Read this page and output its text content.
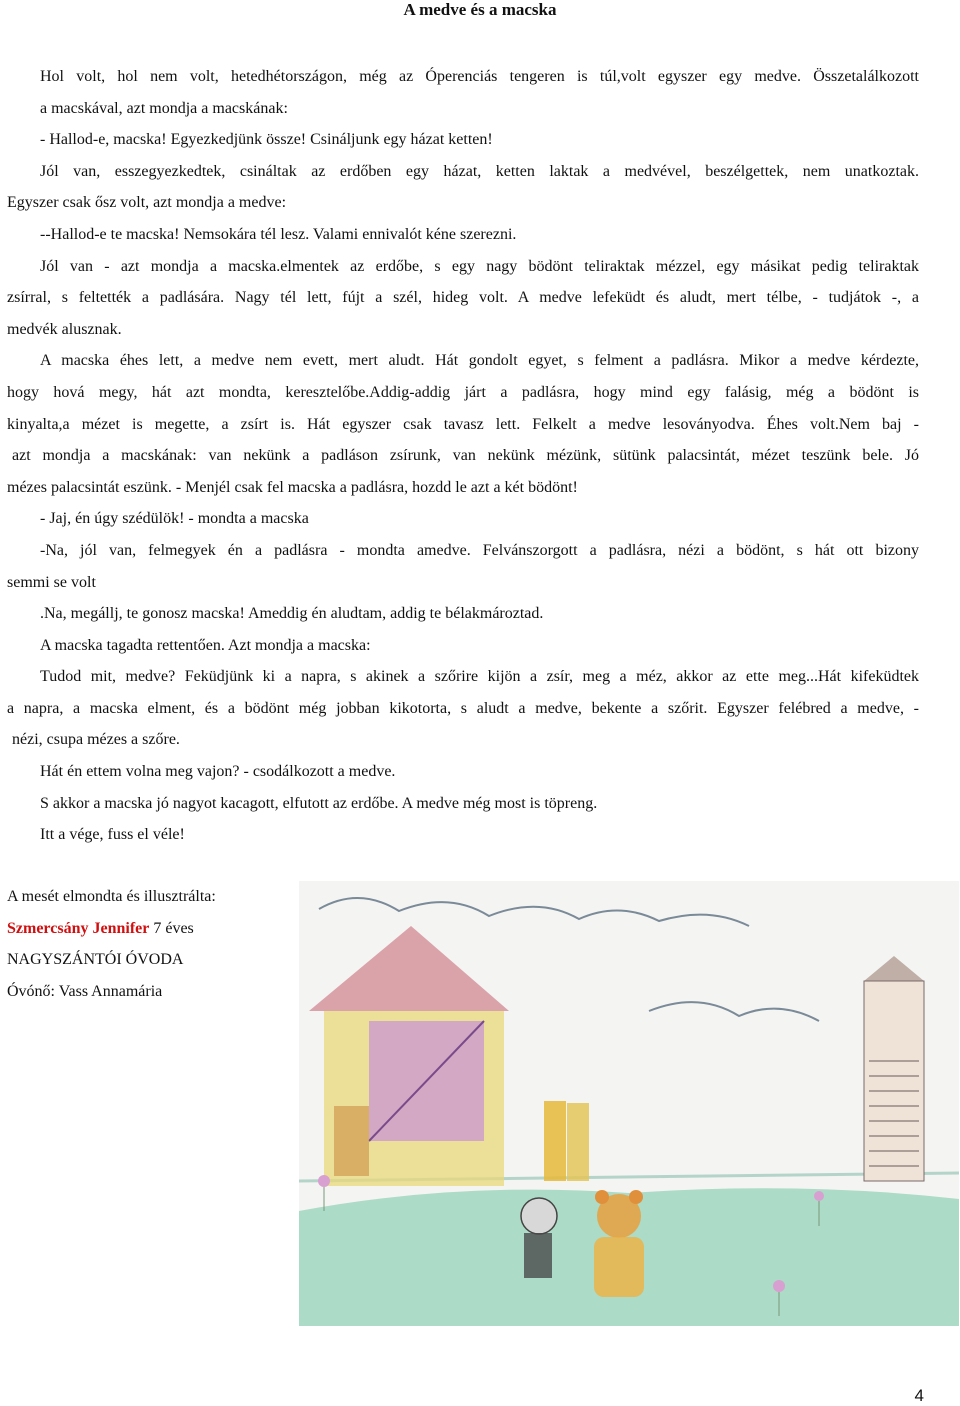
A medve és a macska
Hol volt, hol nem volt, hetedhétországon, még az Óperenciás tengeren is túl,volt egyszer egy medve. Összetalálkozott
a macskával, azt mondja a macskának:
- Hallod-e, macska! Egyezkedjünk össze! Csináljunk egy házat ketten!
Jól van, esszegyezkedtek, csináltak az erdőben egy házat, ketten laktak a medvével, beszélgettek, nem unatkoztak.
Egyszer csak ősz volt, azt mondja a medve:
--Hallod-e te macska! Nemsokára tél lesz. Valami ennivalót kéne szerezni.
Jól van - azt mondja a macska.elmentek az erdőbe, s egy nagy bödönt teliraktak mézzel, egy másikat pedig teliraktak
zsírral, s feltették a padlására. Nagy tél lett, fújt a szél, hideg volt. A medve lefeküdt és aludt, mert télbe, - tudjátok -, a
medvék alusznak.
A macska éhes lett, a medve nem evett, mert aludt. Hát gondolt egyet, s felment a padlásra. Mikor a medve kérdezte,
hogy hová megy, hát azt mondta, keresztelőbe.Addig-addig járt a padlásra, hogy mind egy falásig, még a bödönt is
kinyalta,a mézet is megette, a zsírt is. Hát egyszer csak tavasz lett. Felkelt a medve lesoványodva. Éhes volt.Nem baj -
azt mondja a macskának: van nekünk a padláson zsírunk, van nekünk mézünk, sütünk palacsintát, mézet teszünk bele. Jó
mézes palacsintát eszünk. - Menjél csak fel macska a padlásra, hozdd le azt a két bödönt!
- Jaj, én úgy szédülök! - mondta a macska
-Na, jól van, felmegyek én a padlásra - mondta amedve. Felvánszorgott a padlásra, nézi a bödönt, s hát ott bizony
semmi se volt
.Na, megállj, te gonosz macska! Ameddig én aludtam, addig te bélakmároztad.
A macska tagadta rettentően. Azt mondja a macska:
Tudod mit, medve? Feküdjünk ki a napra, s akinek a szőrire kijön a zsír, meg a méz, akkor az ette meg...Hát kifeküdtek
a napra, a macska elment, és a bödönt még jobban kikotorta, s aludt a medve, bekente a szőrit. Egyszer felébred a medve, -
nézi, csupa mézes a szőre.
Hát én ettem volna meg vajon? - csodálkozott a medve.
S akkor a macska jó nagyot kacagott, elfutott az erdőbe. A medve még most is töpreng.
Itt a vége, fuss el véle!
A mesét elmondta és illusztrálta:
Szmercsány Jennifer 7 éves
NAGYSZÁNTÓI ÓVODA
Óvónő: Vass Annamária
4
